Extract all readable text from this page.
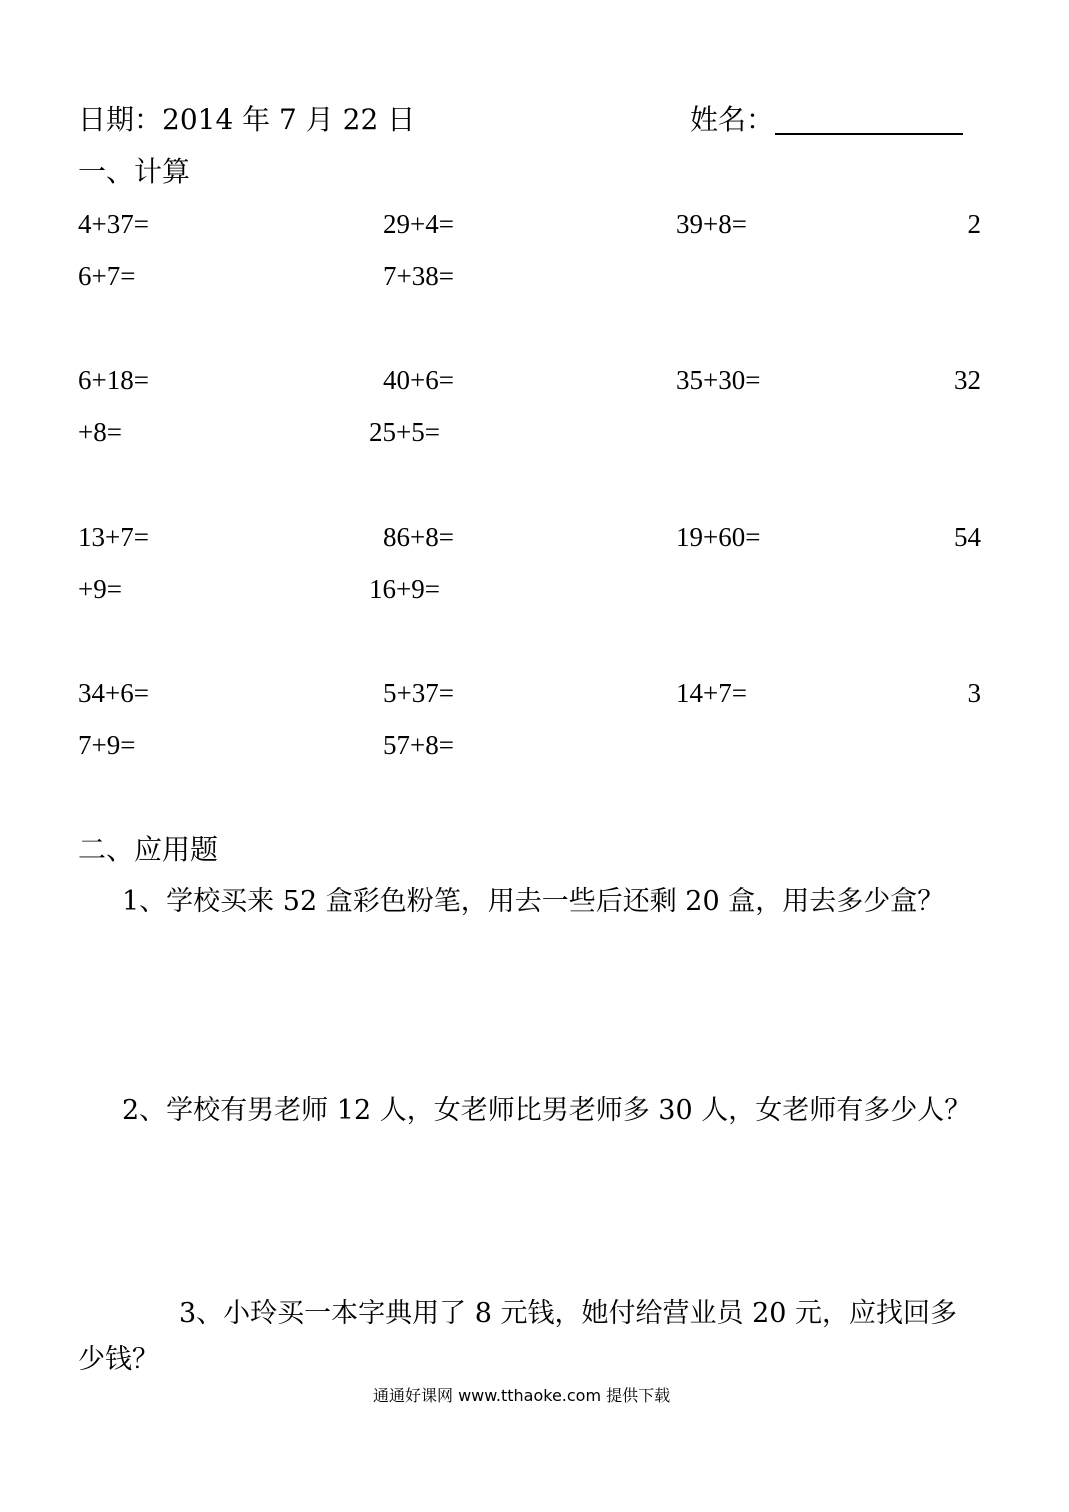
日期：2014 年 7 月 22 日	姓名：
一、计算
4+37=	29+4=	39+8=	2
6+7=	7+38=
6+18=	40+6=	35+30=	32
+8=	25+5=
13+7=	86+8=	19+60=	54
+9=	16+9=
34+6=	5+37=	14+7=	3
7+9=	57+8=
二、应用题
1、学校买来 52 盒彩色粉笔，用去一些后还剩 20 盒，用去多少盒？
2、学校有男老师 12 人，女老师比男老师多 30 人，女老师有多少人？
3、小玲买一本字典用了 8 元钱，她付给营业员 20 元，应找回多
少钱？
通通好课网 www.tthaoke.com 提供下载
